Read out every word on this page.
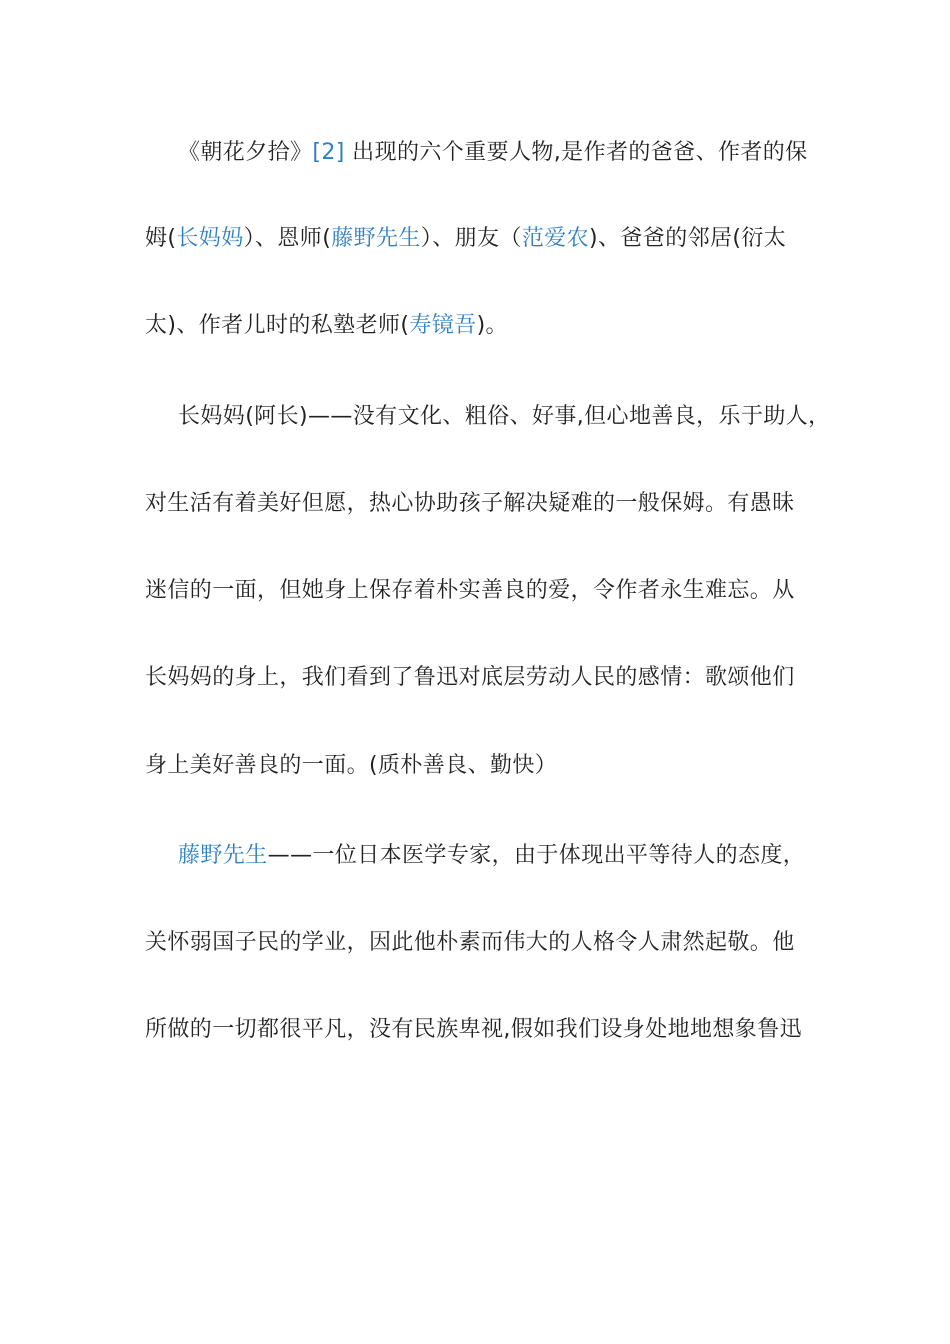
《朝花夕拾》[2] 出现的六个重要人物,是作者的爸爸、作者的保
姆(长妈妈）、恩师(藤野先生）、朋友（范爱农)、爸爸的邻居(衍太
太)、作者儿时的私塾老师(寿镜吾)。
长妈妈(阿长)——没有文化、粗俗、好事,但心地善良，乐于助人，
对生活有着美好但愿，热心协助孩子解决疑难的一般保姆。有愚昧
迷信的一面，但她身上保存着朴实善良的爱，令作者永生难忘。从
长妈妈的身上，我们看到了鲁迅对底层劳动人民的感情：歌颂他们
身上美好善良的一面。(质朴善良、勤快）
藤野先生——一位日本医学专家，由于体现出平等待人的态度，
关怀弱国子民的学业，因此他朴素而伟大的人格令人肃然起敬。他
所做的一切都很平凡，没有民族卑视,假如我们设身处地地想象鲁迅
